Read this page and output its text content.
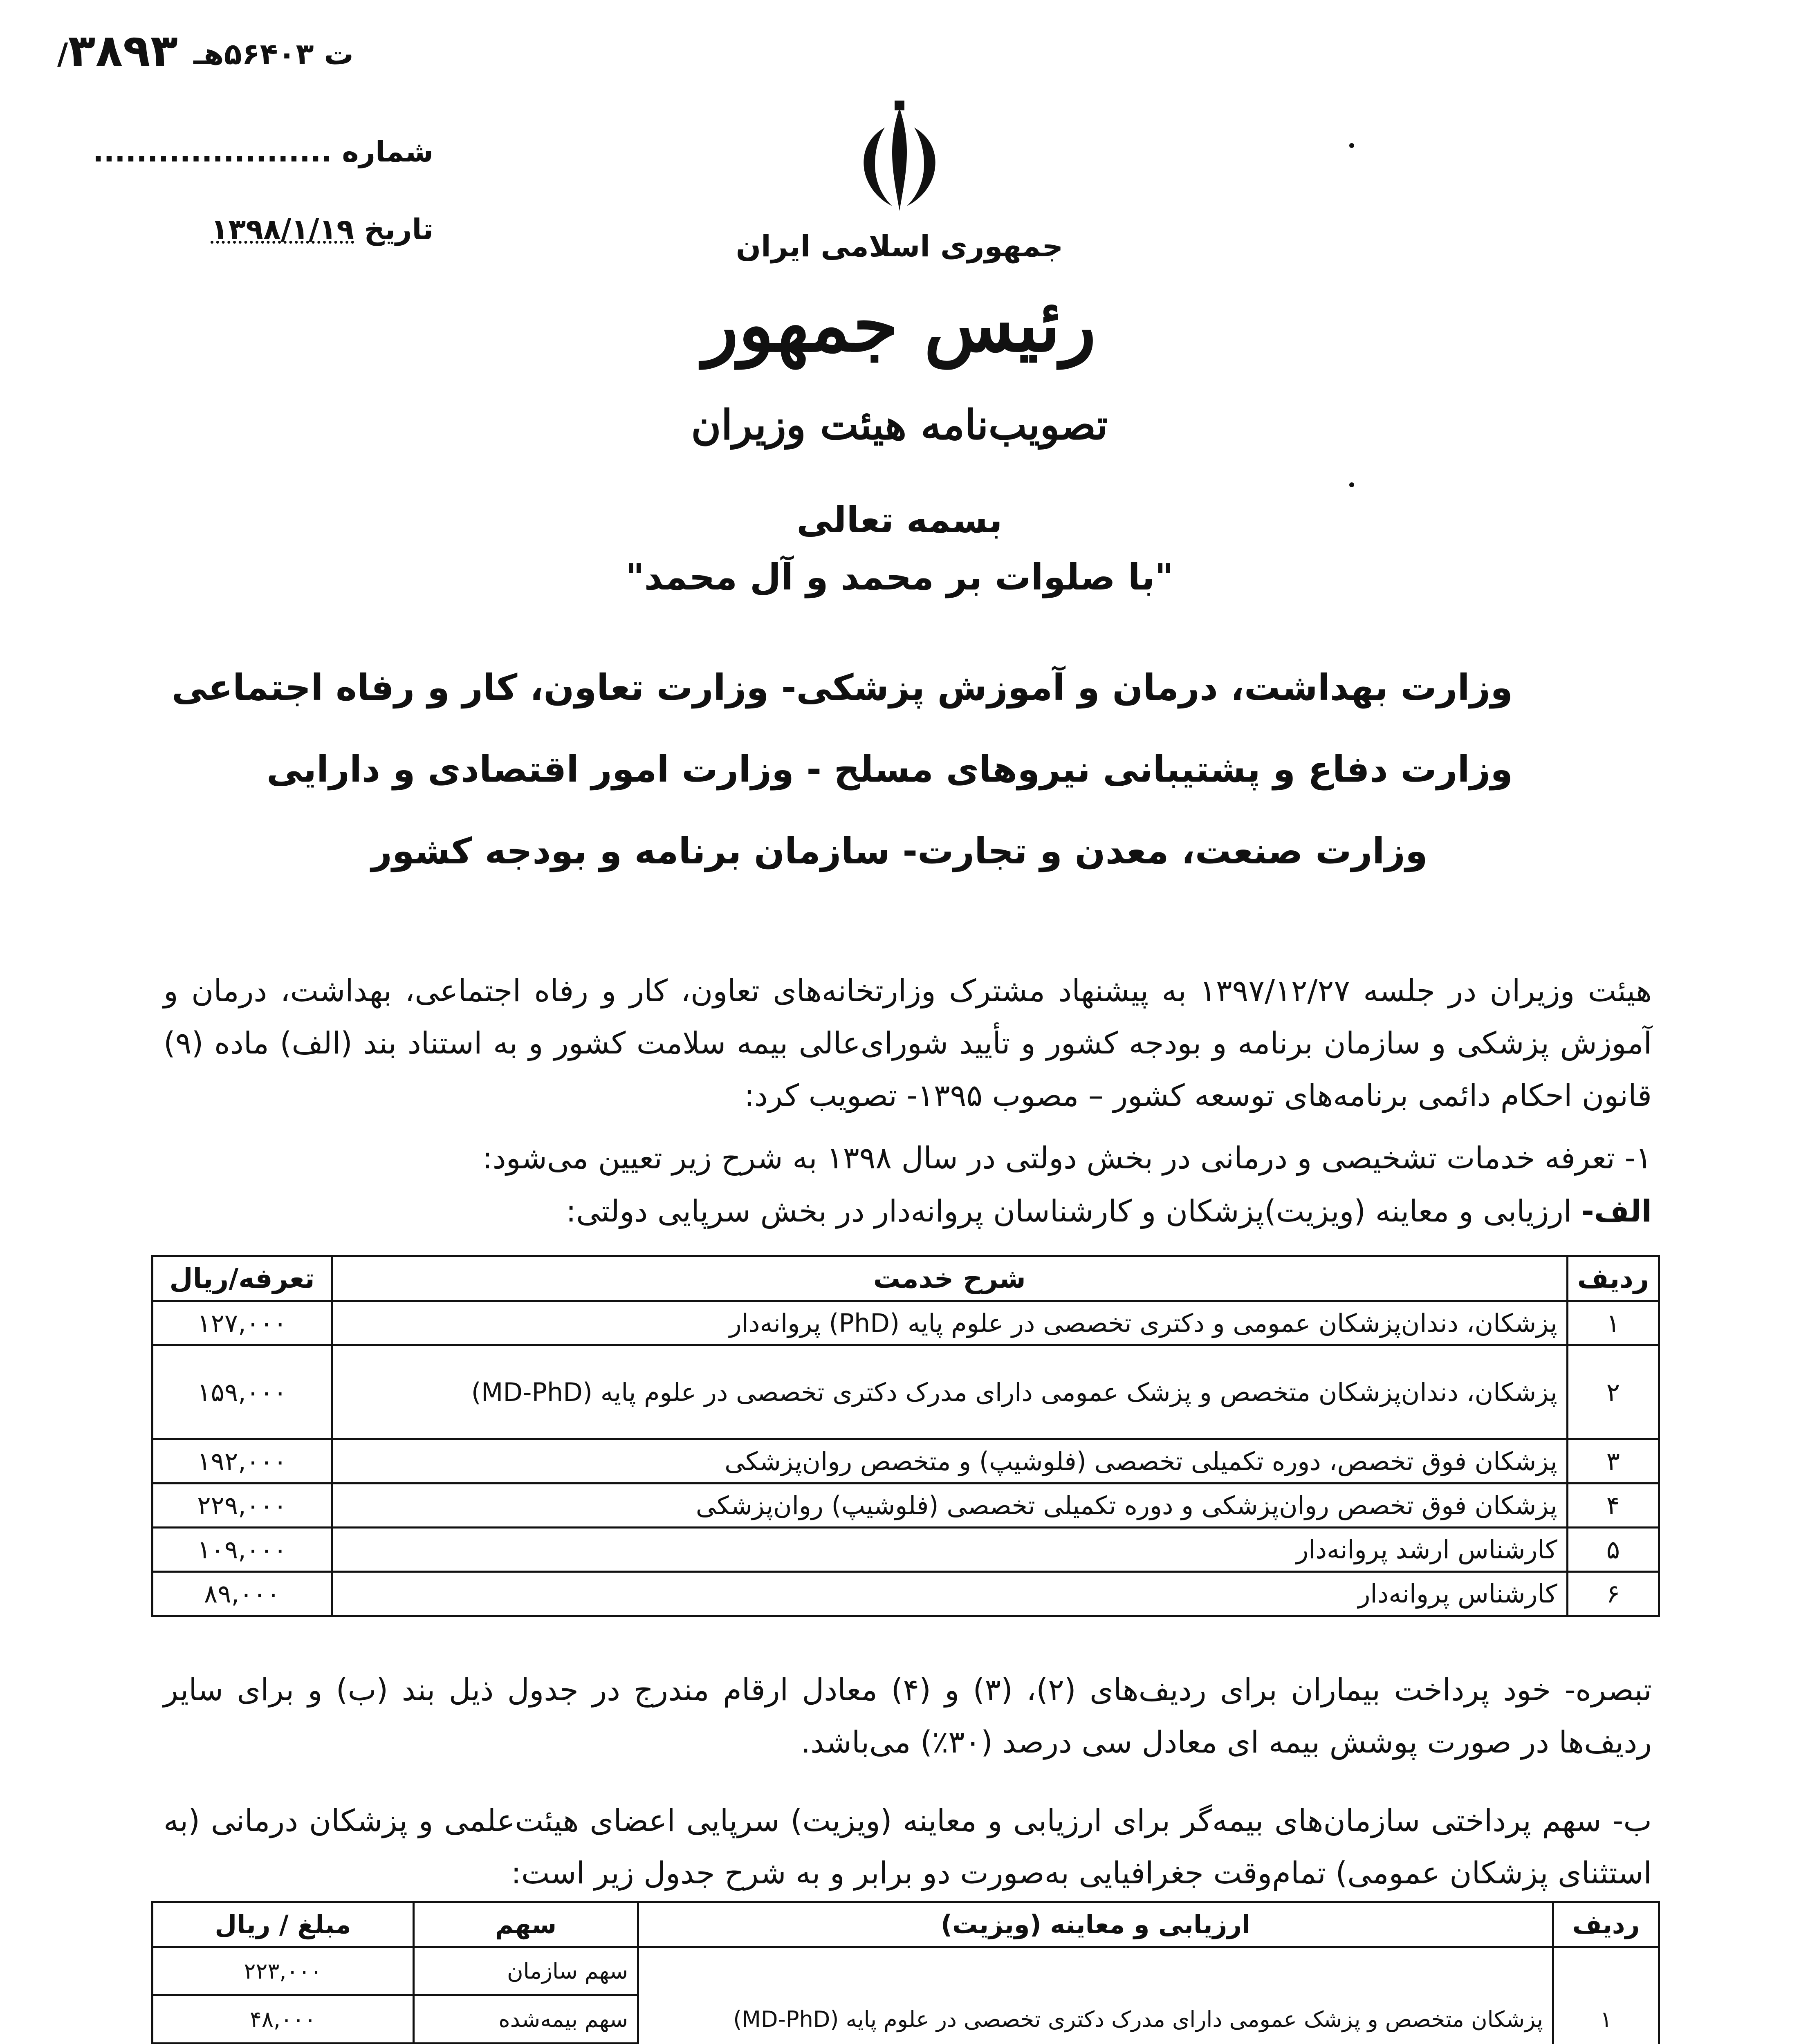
/ت ۵۶۴۰۳هـ ۳۸۹۳
شماره ......................
تاریخ ۱۳۹۸/۱/۱۹	جمهوری اسلامی ایران
رئیس جمهور
تصویب‌نامه هیئت وزیران
بسمه تعالی
"با صلوات بر محمد و آل محمد"
وزارت بهداشت، درمان و آموزش پزشکی- وزارت تعاون، کار و رفاه اجتماعی
وزارت دفاع و پشتیبانی نیروهای مسلح - وزارت امور اقتصادی و دارایی
وزارت صنعت، معدن و تجارت- سازمان برنامه و بودجه کشور
هیئت وزیران در جلسه ۱۳۹۷/۱۲/۲۷ به پیشنهاد مشترک وزارتخانه‌های تعاون، کار و رفاه اجتماعی، بهداشت، درمان و آموزش پزشکی و سازمان برنامه و بودجه کشور و تأیید شورای‌عالی بیمه سلامت کشور و به استناد بند (الف) ماده (۹) قانون احکام دائمی برنامه‌های توسعه کشور – مصوب ۱۳۹۵- تصویب کرد:
۱- تعرفه خدمات تشخیصی و درمانی در بخش دولتی در سال ۱۳۹۸ به شرح زیر تعیین می‌شود:
الف- ارزیابی و معاینه (ویزیت)پزشکان و کارشناسان پروانه‌دار در بخش سرپایی دولتی:
ردیف	شرح خدمت	تعرفه/ریال
۱	پزشکان، دندان‌پزشکان عمومی و دکتری تخصصی در علوم پایه (PhD) پروانه‌دار	۱۲۷,۰۰۰
۲	پزشکان، دندان‌پزشکان متخصص و پزشک عمومی دارای مدرک دکتری تخصصی در علوم پایه (MD-PhD)	۱۵۹,۰۰۰
۳	پزشکان فوق تخصص، دوره تکمیلی تخصصی (فلوشیپ) و متخصص روان‌پزشکی	۱۹۲,۰۰۰
۴	پزشکان فوق تخصص روان‌پزشکی و دوره تکمیلی تخصصی (فلوشیپ) روان‌پزشکی	۲۲۹,۰۰۰
۵	کارشناس ارشد پروانه‌دار	۱۰۹,۰۰۰
۶	کارشناس پروانه‌دار	۸۹,۰۰۰
تبصره- خود پرداخت بیماران برای ردیف‌های (۲)، (۳) و (۴) معادل ارقام مندرج در جدول ذیل بند (ب) و برای سایر ردیف‌ها در صورت پوشش بیمه ای معادل سی درصد (۳۰٪) می‌باشد.
ب- سهم پرداختی سازمان‌های بیمه‌گر برای ارزیابی و معاینه (ویزیت) سرپایی اعضای هیئت‌علمی و پزشکان درمانی (به استثنای پزشکان عمومی) تمام‌وقت جغرافیایی به‌صورت دو برابر و به شرح جدول زیر است:
ردیف	ارزیابی و معاینه (ویزیت)	سهم	مبلغ / ریال
۱	پزشکان متخصص و پزشک عمومی دارای مدرک دکتری تخصصی در علوم پایه (MD-PhD)	سهم سازمان	۲۲۳,۰۰۰
		سهم بیمه‌شده	۴۸,۰۰۰
